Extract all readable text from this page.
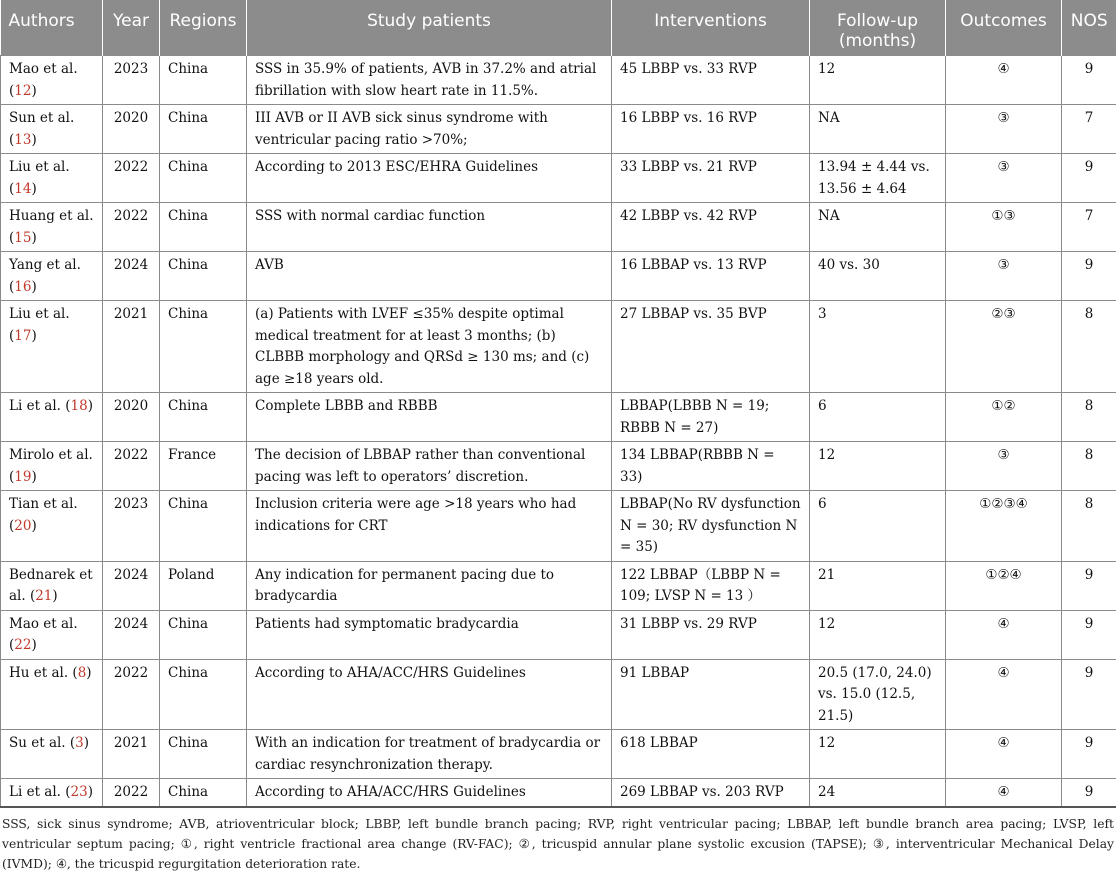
Authors	Year	Regions	Study patients	Interventions	Follow-up (months)	Outcomes	NOS
Mao et al. (12)	2023	China	SSS in 35.9% of patients, AVB in 37.2% and atrial fibrillation with slow heart rate in 11.5%.	45 LBBP vs. 33 RVP	12	④	9
Sun et al. (13)	2020	China	III AVB or II AVB sick sinus syndrome with ventricular pacing ratio >70%;	16 LBBP vs. 16 RVP	NA	③	7
Liu et al. (14)	2022	China	According to 2013 ESC/EHRA Guidelines	33 LBBP vs. 21 RVP	13.94 ± 4.44 vs. 13.56 ± 4.64	③	9
Huang et al. (15)	2022	China	SSS with normal cardiac function	42 LBBP vs. 42 RVP	NA	①③	7
Yang et al. (16)	2024	China	AVB	16 LBBAP vs. 13 RVP	40 vs. 30	③	9
Liu et al. (17)	2021	China	(a) Patients with LVEF ≤35% despite optimal medical treatment for at least 3 months; (b) CLBBB morphology and QRSd ≥ 130 ms; and (c) age ≥18 years old.	27 LBBAP vs. 35 BVP	3	②③	8
Li et al. (18)	2020	China	Complete LBBB and RBBB	LBBAP(LBBB N = 19; RBBB N = 27)	6	①②	8
Mirolo et al. (19)	2022	France	The decision of LBBAP rather than conventional pacing was left to operators’ discretion.	134 LBBAP(RBBB N = 33)	12	③	8
Tian et al. (20)	2023	China	Inclusion criteria were age >18 years who had indications for CRT	LBBAP(No RV dysfunction N = 30; RV dysfunction N = 35)	6	①②③④	8
Bednarek et al. (21)	2024	Poland	Any indication for permanent pacing due to bradycardia	122 LBBAP（LBBP N = 109; LVSP N = 13 ）	21	①②④	9
Mao et al. (22)	2024	China	Patients had symptomatic bradycardia	31 LBBP vs. 29 RVP	12	④	9
Hu et al. (8)	2022	China	According to AHA/ACC/HRS Guidelines	91 LBBAP	20.5 (17.0, 24.0) vs. 15.0 (12.5, 21.5)	④	9
Su et al. (3)	2021	China	With an indication for treatment of bradycardia or cardiac resynchronization therapy.	618 LBBAP	12	④	9
Li et al. (23)	2022	China	According to AHA/ACC/HRS Guidelines	269 LBBAP vs. 203 RVP	24	④	9
SSS, sick sinus syndrome; AVB, atrioventricular block; LBBP, left bundle branch pacing; RVP, right ventricular pacing; LBBAP, left bundle branch area pacing; LVSP, left ventricular septum pacing; ①, right ventricle fractional area change (RV-FAC); ②, tricuspid annular plane systolic excusion (TAPSE); ③, interventricular Mechanical Delay (IVMD); ④, the tricuspid regurgitation deterioration rate.
